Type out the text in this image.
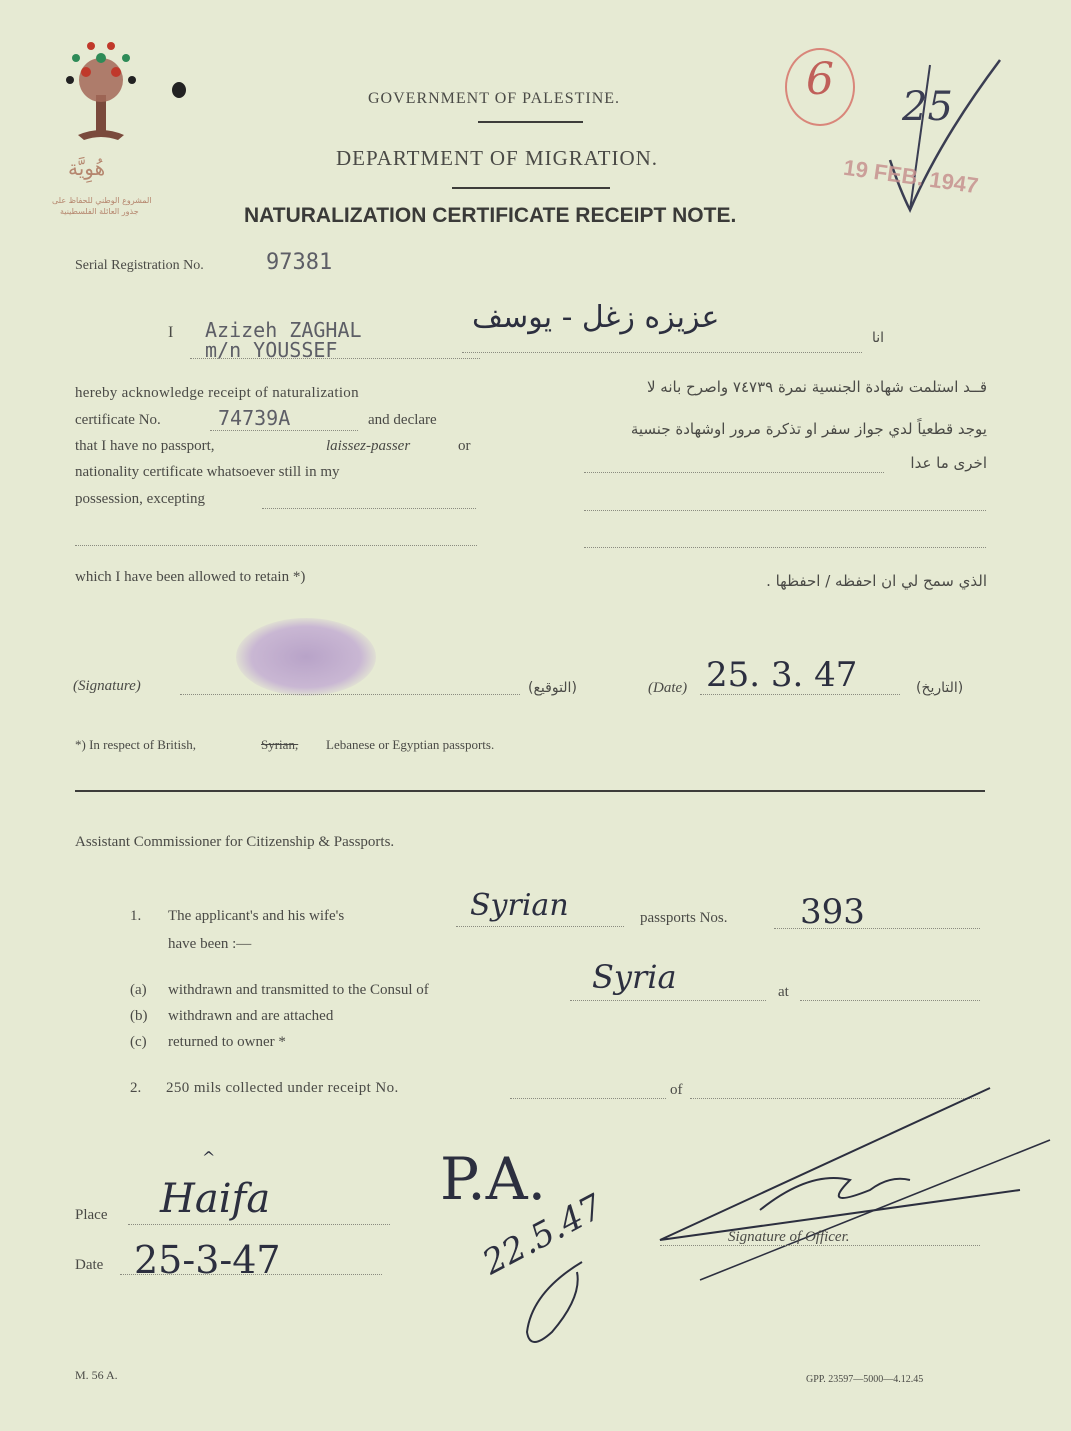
هُوِيَّة
المشروع الوطني للحفاظ على
جذور العائلة الفلسطينية
GOVERNMENT OF PALESTINE.
DEPARTMENT OF MIGRATION.
NATURALIZATION CERTIFICATE RECEIPT NOTE.
6
25
19 FEB. 1947
Serial Registration No.	97381
I Azizeh ZAGHAL
m/n YOUSSEF
عزيزه زغل - يوسف
انا
hereby acknowledge receipt of naturalization
certificate No.	74739A	and declare
that I have no passport,	laissez-passer	or
nationality certificate whatsoever still in my
possession, excepting
قــد استلمت شهادة الجنسية نمرة ٧٤٧٣٩ واصرح بانه لا
يوجد قطعياً لدي جواز سفر او تذكرة مرور اوشهادة جنسية
اخرى ما عدا
which I have been allowed to retain *)	الذي سمح لي ان احفظه / احفظها .
(Signature)	(التوقيع)	(Date) 25. 3. 47	(التاريخ)
*) In respect of British,	Syrian, Lebanese or Egyptian passports.
Assistant Commissioner for Citizenship & Passports.
1. The applicant's and his wife's	Syrian	passports Nos. 393
have been :—
(a) withdrawn and transmitted to the Consul of	Syria	at
(b) withdrawn and are attached
(c) returned to owner *
2. 250 mils collected under receipt No.	of
Place Haifa
Date 25-3-47
^	P.A.
22.5.47	Signature of Officer.
M. 56 A.	GPP. 23597—5000—4.12.45
